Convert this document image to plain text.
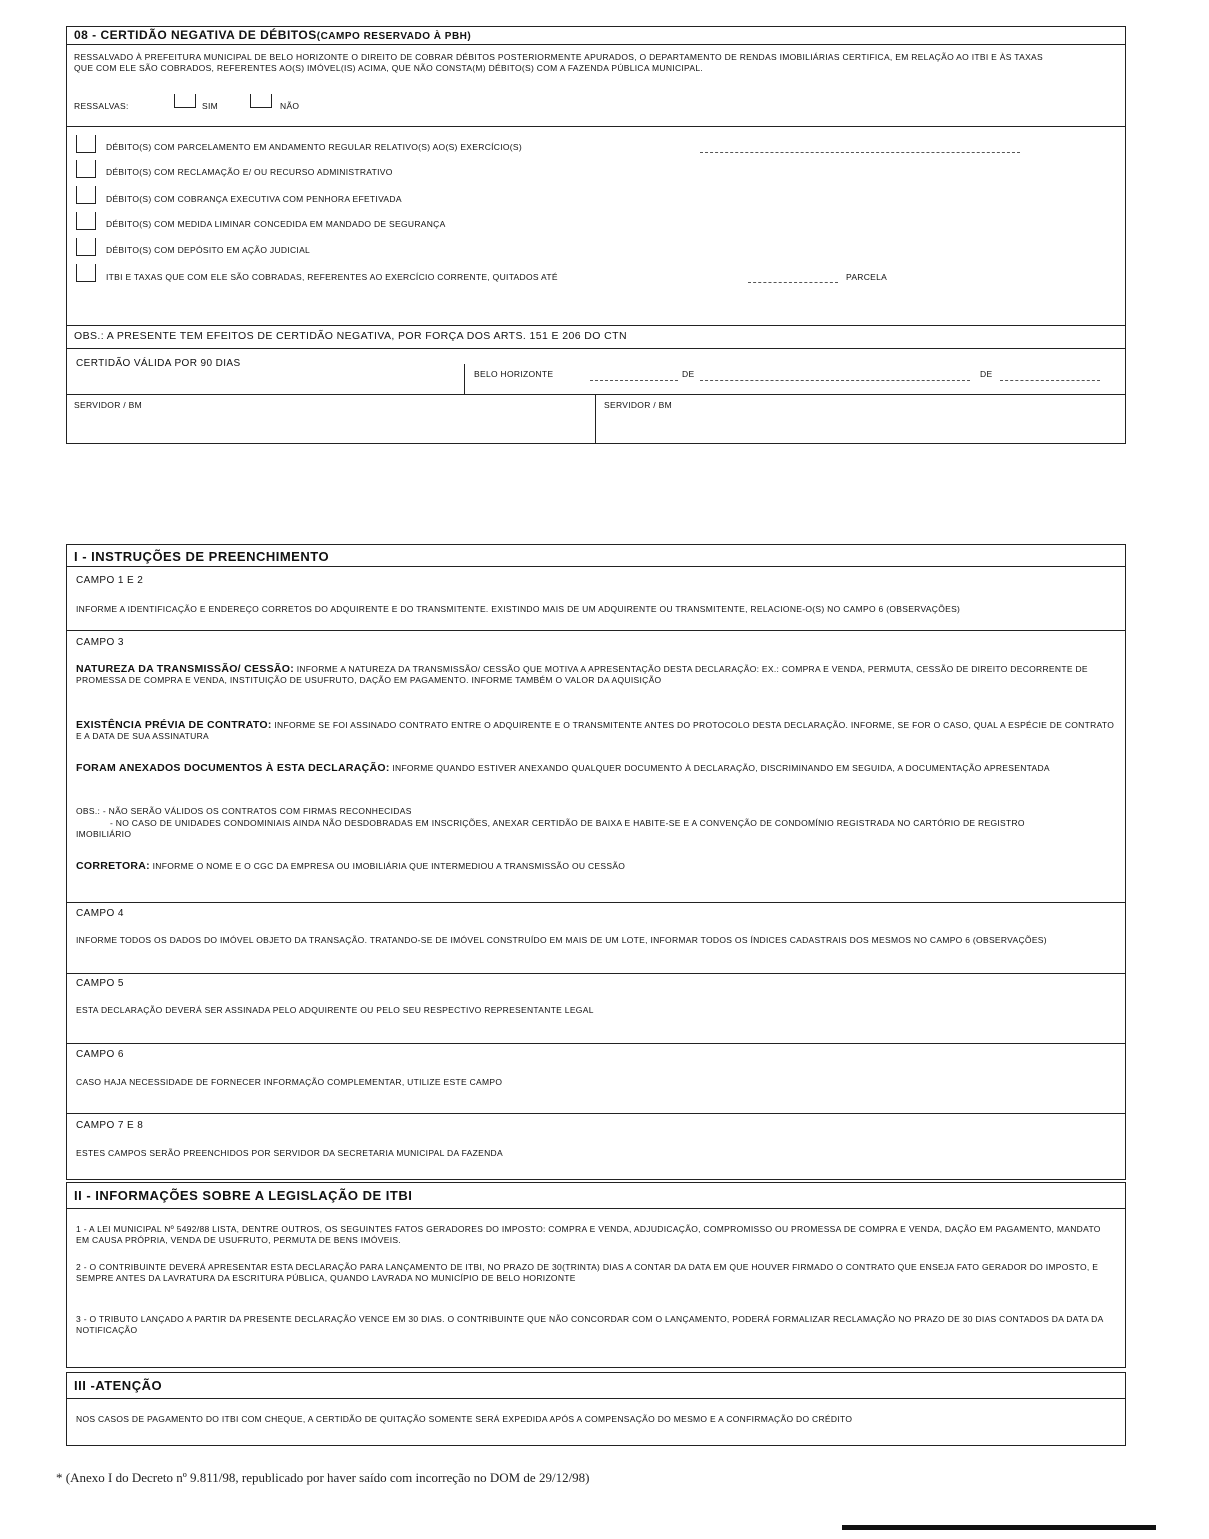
08 - CERTIDÃO NEGATIVA DE DÉBITOS(CAMPO RESERVADO À PBH)
RESSALVADO À PREFEITURA MUNICIPAL DE BELO HORIZONTE O DIREITO DE COBRAR DÉBITOS POSTERIORMENTE APURADOS, O DEPARTAMENTO DE RENDAS IMOBILIÁRIAS CERTIFICA, EM RELAÇÃO AO ITBI E ÀS TAXAS QUE COM ELE SÃO COBRADOS, REFERENTES AO(S) IMÓVEL(IS) ACIMA, QUE NÃO CONSTA(M) DÉBITO(S) COM A FAZENDA PÚBLICA MUNICIPAL.
RESSALVAS:	SIM	NÃO
DÉBITO(S) COM PARCELAMENTO EM ANDAMENTO REGULAR RELATIVO(S) AO(S) EXERCÍCIO(S)
DÉBITO(S) COM RECLAMAÇÃO E/ OU RECURSO ADMINISTRATIVO
DÉBITO(S) COM COBRANÇA EXECUTIVA COM PENHORA EFETIVADA
DÉBITO(S) COM MEDIDA LIMINAR CONCEDIDA EM MANDADO DE SEGURANÇA
DÉBITO(S) COM DEPÓSITO EM AÇÃO JUDICIAL
ITBI E TAXAS QUE COM ELE SÃO COBRADAS, REFERENTES AO EXERCÍCIO CORRENTE, QUITADOS ATÉ	PARCELA
OBS.: A PRESENTE TEM EFEITOS DE CERTIDÃO NEGATIVA, POR FORÇA DOS ARTS. 151 E 206 DO CTN
CERTIDÃO VÁLIDA POR 90 DIAS
BELO HORIZONTE	DE	DE
SERVIDOR / BM	SERVIDOR / BM
I - INSTRUÇÕES DE PREENCHIMENTO
CAMPO 1 E 2
INFORME A IDENTIFICAÇÃO E ENDEREÇO CORRETOS DO ADQUIRENTE E DO TRANSMITENTE. EXISTINDO MAIS DE UM ADQUIRENTE OU TRANSMITENTE, RELACIONE-O(S) NO CAMPO 6 (OBSERVAÇÕES)
CAMPO 3
NATUREZA DA TRANSMISSÃO/ CESSÃO: INFORME A NATUREZA DA TRANSMISSÃO/ CESSÃO QUE MOTIVA A APRESENTAÇÃO DESTA DECLARAÇÃO: EX.: COMPRA E VENDA, PERMUTA, CESSÃO DE DIREITO DECORRENTE DE PROMESSA DE COMPRA E VENDA, INSTITUIÇÃO DE USUFRUTO, DAÇÃO EM PAGAMENTO. INFORME TAMBÉM O VALOR DA AQUISIÇÃO
EXISTÊNCIA PRÉVIA DE CONTRATO: INFORME SE FOI ASSINADO CONTRATO ENTRE O ADQUIRENTE E O TRANSMITENTE ANTES DO PROTOCOLO DESTA DECLARAÇÃO. INFORME, SE FOR O CASO, QUAL A ESPÉCIE DE CONTRATO E A DATA DE SUA ASSINATURA
FORAM ANEXADOS DOCUMENTOS À ESTA DECLARAÇÃO: INFORME QUANDO ESTIVER ANEXANDO QUALQUER DOCUMENTO À DECLARAÇÃO, DISCRIMINANDO EM SEGUIDA, A DOCUMENTAÇÃO APRESENTADA
OBS.: - NÃO SERÃO VÁLIDOS OS CONTRATOS COM FIRMAS RECONHECIDAS
- NO CASO DE UNIDADES CONDOMINIAIS AINDA NÃO DESDOBRADAS EM INSCRIÇÕES, ANEXAR CERTIDÃO DE BAIXA E HABITE-SE E A CONVENÇÃO DE CONDOMÍNIO REGISTRADA NO CARTÓRIO DE REGISTRO IMOBILIÁRIO
CORRETORA: INFORME O NOME E O CGC DA EMPRESA OU IMOBILIÁRIA QUE INTERMEDIOU A TRANSMISSÃO OU CESSÃO
CAMPO 4
INFORME TODOS OS DADOS DO IMÓVEL OBJETO DA TRANSAÇÃO. TRATANDO-SE DE IMÓVEL CONSTRUÍDO EM MAIS DE UM LOTE, INFORMAR TODOS OS ÍNDICES CADASTRAIS DOS MESMOS NO CAMPO 6 (OBSERVAÇÕES)
CAMPO 5
ESTA DECLARAÇÃO DEVERÁ SER ASSINADA PELO ADQUIRENTE OU PELO SEU RESPECTIVO REPRESENTANTE LEGAL
CAMPO 6
CASO HAJA NECESSIDADE DE FORNECER INFORMAÇÃO COMPLEMENTAR, UTILIZE ESTE CAMPO
CAMPO 7 E 8
ESTES CAMPOS SERÃO PREENCHIDOS POR SERVIDOR DA SECRETARIA MUNICIPAL DA FAZENDA
II - INFORMAÇÕES SOBRE A LEGISLAÇÃO DE ITBI
1 - A LEI MUNICIPAL Nº 5492/88 LISTA, DENTRE OUTROS, OS SEGUINTES FATOS GERADORES DO IMPOSTO: COMPRA E VENDA, ADJUDICAÇÃO, COMPROMISSO OU PROMESSA DE COMPRA E VENDA, DAÇÃO EM PAGAMENTO, MANDATO EM CAUSA PRÓPRIA, VENDA DE USUFRUTO, PERMUTA DE BENS IMÓVEIS.
2 - O CONTRIBUINTE DEVERÁ APRESENTAR ESTA DECLARAÇÃO PARA LANÇAMENTO DE ITBI, NO PRAZO DE 30(TRINTA) DIAS A CONTAR DA DATA EM QUE HOUVER FIRMADO O CONTRATO QUE ENSEJA FATO GERADOR DO IMPOSTO, E SEMPRE ANTES DA LAVRATURA DA ESCRITURA PÚBLICA, QUANDO LAVRADA NO MUNICÍPIO DE BELO HORIZONTE
3 - O TRIBUTO LANÇADO A PARTIR DA PRESENTE DECLARAÇÃO VENCE EM 30 DIAS. O CONTRIBUINTE QUE NÃO CONCORDAR COM O LANÇAMENTO, PODERÁ FORMALIZAR RECLAMAÇÃO NO PRAZO DE 30 DIAS CONTADOS DA DATA DA NOTIFICAÇÃO
III -ATENÇÃO
NOS CASOS DE PAGAMENTO DO ITBI COM CHEQUE, A CERTIDÃO DE QUITAÇÃO SOMENTE SERÁ EXPEDIDA APÓS A COMPENSAÇÃO DO MESMO E A CONFIRMAÇÃO DO CRÉDITO
* (Anexo I do Decreto nº 9.811/98, republicado por haver saído com incorreção no DOM de 29/12/98)
